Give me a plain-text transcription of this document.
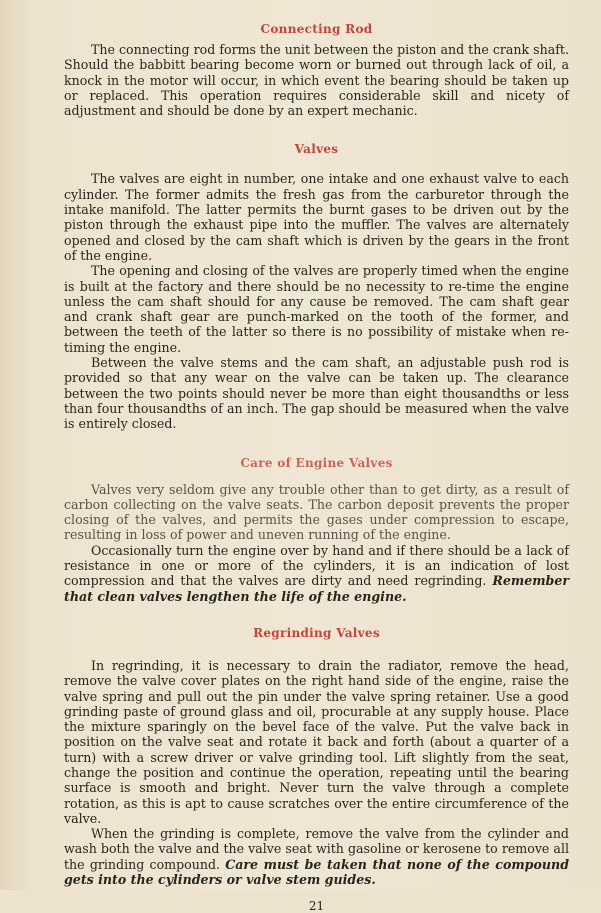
Connecting Rod

The connecting rod forms the unit between the piston and the crank shaft. Should the babbitt bearing become worn or burned out through lack of oil, a knock in the motor will occur, in which event the bearing should be taken up or replaced. This operation requires considerable skill and nicety of adjustment and should be done by an expert mechanic.

Valves

The valves are eight in number, one intake and one exhaust valve to each cylinder. The former admits the fresh gas from the carburetor through the intake manifold. The latter permits the burnt gases to be driven out by the piston through the exhaust pipe into the muffler. The valves are alternately opened and closed by the cam shaft which is driven by the gears in the front of the engine.

The opening and closing of the valves are properly timed when the engine is built at the factory and there should be no necessity to re-time the engine unless the cam shaft should for any cause be removed. The cam shaft gear and crank shaft gear are punch-marked on the tooth of the former, and between the teeth of the latter so there is no possibility of mistake when re-timing the engine.

Between the valve stems and the cam shaft, an adjustable push rod is provided so that any wear on the valve can be taken up. The clearance between the two points should never be more than eight thousandths or less than four thousandths of an inch. The gap should be measured when the valve is entirely closed.

Care of Engine Valves

Valves very seldom give any trouble other than to get dirty, as a result of carbon collecting on the valve seats. The carbon deposit prevents the proper closing of the valves, and permits the gases under compression to escape, resulting in loss of power and uneven running of the engine.

Occasionally turn the engine over by hand and if there should be a lack of resistance in one or more of the cylinders, it is an indication of lost compression and that the valves are dirty and need regrinding. Remember that clean valves lengthen the life of the engine.

Regrinding Valves

In regrinding, it is necessary to drain the radiator, remove the head, remove the valve cover plates on the right hand side of the engine, raise the valve spring and pull out the pin under the valve spring retainer. Use a good grinding paste of ground glass and oil, procurable at any supply house. Place the mixture sparingly on the bevel face of the valve. Put the valve back in position on the valve seat and rotate it back and forth (about a quarter of a turn) with a screw driver or valve grinding tool. Lift slightly from the seat, change the position and continue the operation, repeating until the bearing surface is smooth and bright. Never turn the valve through a complete rotation, as this is apt to cause scratches over the entire circumference of the valve.

When the grinding is complete, remove the valve from the cylinder and wash both the valve and the valve seat with gasoline or kerosene to remove all the grinding compound. Care must be taken that none of the compound gets into the cylinders or valve stem guides.

21
